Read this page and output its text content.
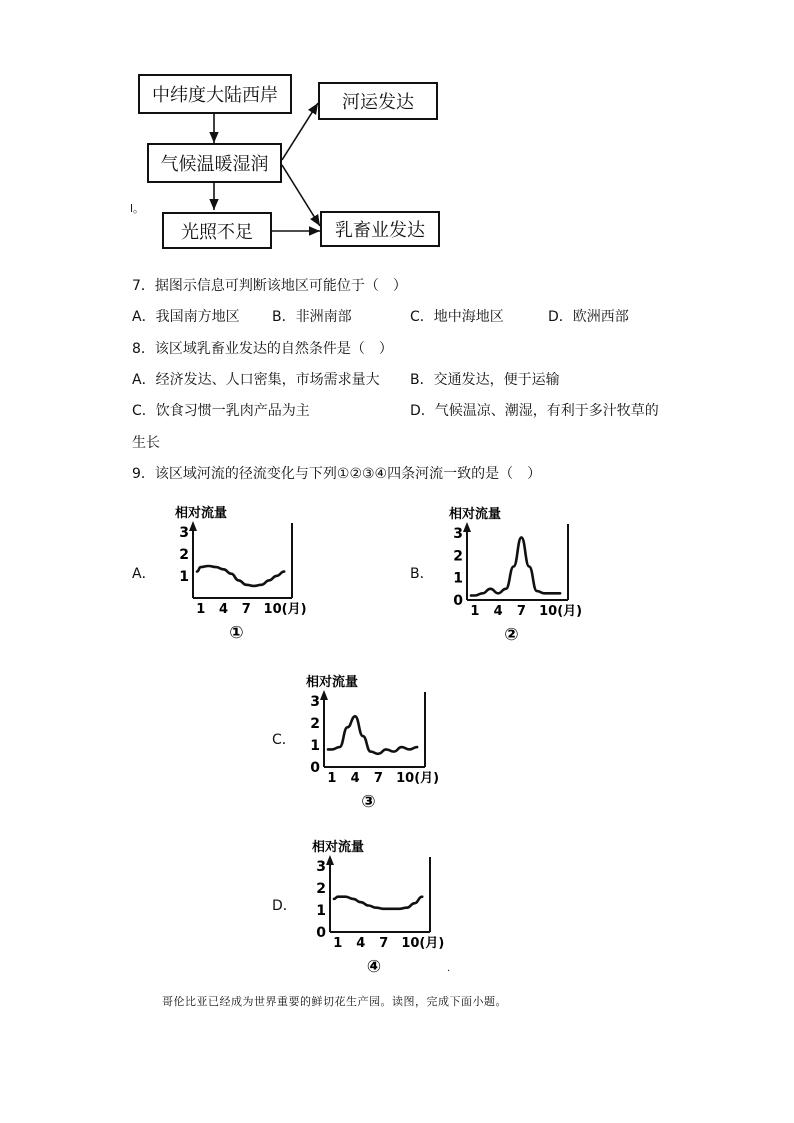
中纬度大陆西岸
气候温暖湿润
光照不足
河运发达
乳畜业发达
l。
7．据图示信息可判断该地区可能位于（　）
A．我国南方地区 B．非洲南部	C．地中海地区	D．欧洲西部
8．该区域乳畜业发达的自然条件是（　）
A．经济发达、人口密集，市场需求量大 B．交通发达，便于运输
C．饮食习惯一乳肉产品为主	D．气候温凉、潮湿，有利于多汁牧草的
生长
9．该区域河流的径流变化与下列①②③④四条河流一致的是（　）
A．	B．
C．
D．
相对流量
3
2
1
1 4 7 10(月)
①
相对流量
3
2
1
0
1 4 7 10(月)
②
相对流量
3
2
1
0
1 4 7 10(月)
③
相对流量
3
2
1
0
1 4 7 10(月)
④	·
哥伦比亚已经成为世界重要的鲜切花生产园。读图，完成下面小题。
